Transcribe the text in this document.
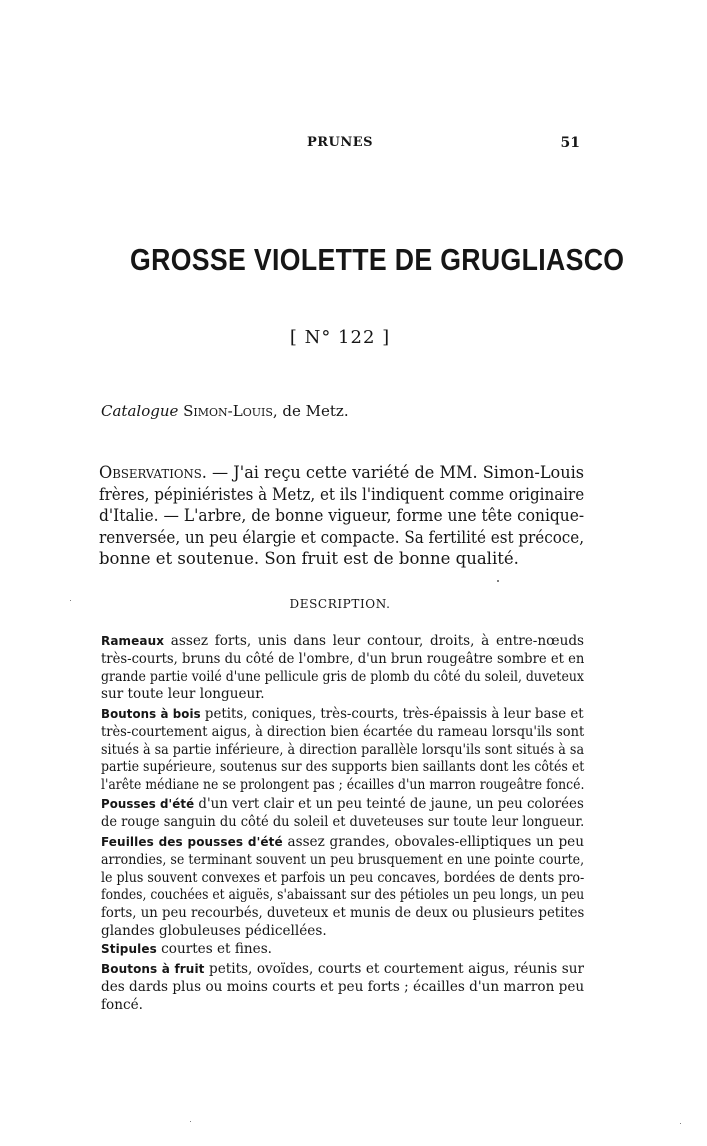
PRUNES	51
GROSSE VIOLETTE DE GRUGLIASCO
[ N° 122 ]
Catalogue Simon-Louis, de Metz.
Observations. — J'ai reçu cette variété de MM. Simon-Louis
frères, pépiniéristes à Metz, et ils l'indiquent comme originaire
d'Italie. — L'arbre, de bonne vigueur, forme une tête conique-
renversée, un peu élargie et compacte. Sa fertilité est précoce,
bonne et soutenue. Son fruit est de bonne qualité.
DESCRIPTION.
Rameaux assez forts, unis dans leur contour, droits, à entre-nœuds
très-courts, bruns du côté de l'ombre, d'un brun rougeâtre sombre et en
grande partie voilé d'une pellicule gris de plomb du côté du soleil, duveteux
sur toute leur longueur.
Boutons à bois petits, coniques, très-courts, très-épaissis à leur base et
très-courtement aigus, à direction bien écartée du rameau lorsqu'ils sont
situés à sa partie inférieure, à direction parallèle lorsqu'ils sont situés à sa
partie supérieure, soutenus sur des supports bien saillants dont les côtés et
l'arête médiane ne se prolongent pas ; écailles d'un marron rougeâtre foncé.
Pousses d'été d'un vert clair et un peu teinté de jaune, un peu colorées
de rouge sanguin du côté du soleil et duveteuses sur toute leur longueur.
Feuilles des pousses d'été assez grandes, obovales-elliptiques un peu
arrondies, se terminant souvent un peu brusquement en une pointe courte,
le plus souvent convexes et parfois un peu concaves, bordées de dents pro-
fondes, couchées et aiguës, s'abaissant sur des pétioles un peu longs, un peu
forts, un peu recourbés, duveteux et munis de deux ou plusieurs petites
glandes globuleuses pédicellées.
Stipules courtes et fines.
Boutons à fruit petits, ovoïdes, courts et courtement aigus, réunis sur
des dards plus ou moins courts et peu forts ; écailles d'un marron peu
foncé.
